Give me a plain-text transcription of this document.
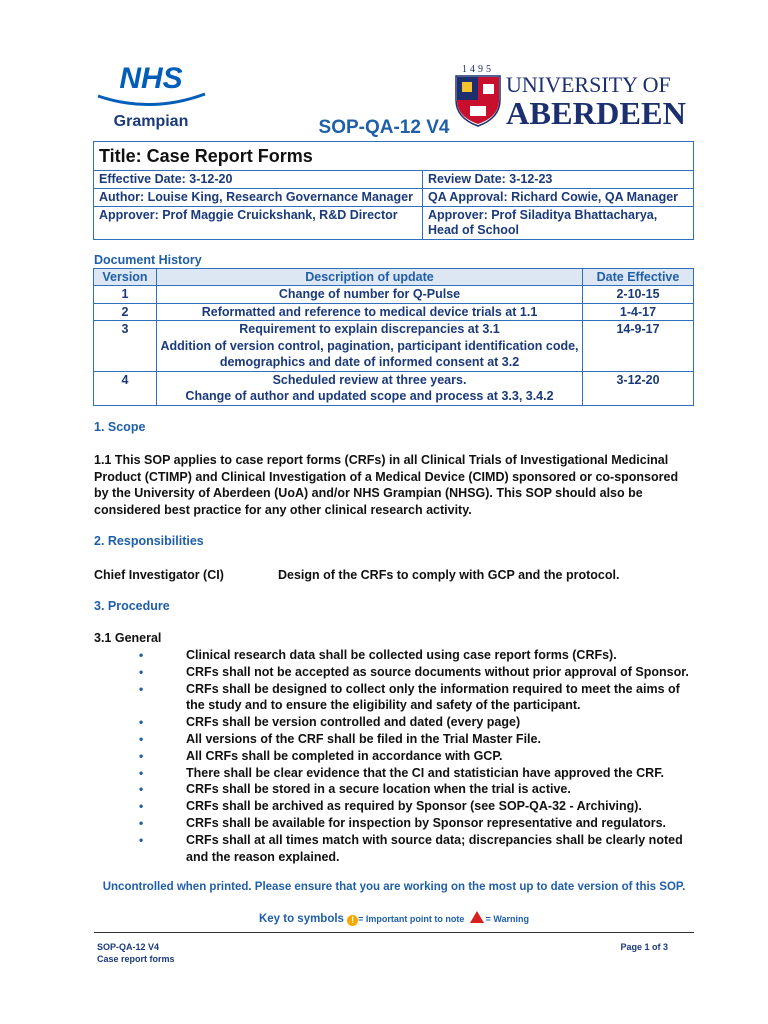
NHS
Grampian
1495
UNIVERSITY OF
ABERDEEN
SOP-QA-12 V4
Title: Case Report Forms	
Effective Date: 3-12-20	Review Date: 3-12-23
Author: Louise King, Research Governance Manager	QA Approval: Richard Cowie, QA Manager
Approver: Prof Maggie Cruickshank, R&D Director	Approver: Prof Siladitya Bhattacharya, Head of School
Document History
Version	Description of update	Date Effective
1	Change of number for Q-Pulse	2-10-15
2	Reformatted and reference to medical device trials at 1.1	1-4-17
3	Requirement to explain discrepancies at 3.1
Addition of version control, pagination, participant identification code,
demographics and date of informed consent at 3.2	14-9-17
4	Scheduled review at three years.
Change of author and updated scope and process at 3.3, 3.4.2	3-12-20
1. Scope
1.1 This SOP applies to case report forms (CRFs) in all Clinical Trials of Investigational Medicinal Product (CTIMP) and Clinical Investigation of a Medical Device (CIMD) sponsored or co-sponsored by the University of Aberdeen (UoA) and/or NHS Grampian (NHSG). This SOP should also be considered best practice for any other clinical research activity.
2. Responsibilities
Chief Investigator (CI)	Design of the CRFs to comply with GCP and the protocol.
3. Procedure
3.1 General
•	Clinical research data shall be collected using case report forms (CRFs).
•	CRFs shall not be accepted as source documents without prior approval of Sponsor.
•	CRFs shall be designed to collect only the information required to meet the aims of the study and to ensure the eligibility and safety of the participant.
•	CRFs shall be version controlled and dated (every page)
•	All versions of the CRF shall be filed in the Trial Master File.
•	All CRFs shall be completed in accordance with GCP.
•	There shall be clear evidence that the CI and statistician have approved the CRF.
•	CRFs shall be stored in a secure location when the trial is active.
•	CRFs shall be archived as required by Sponsor (see SOP-QA-32 - Archiving).
•	CRFs shall be available for inspection by Sponsor representative and regulators.
•	CRFs shall at all times match with source data; discrepancies shall be clearly noted and the reason explained.
Uncontrolled when printed. Please ensure that you are working on the most up to date version of this SOP.
Key to symbols ! = Important point to note = Warning
SOP-QA-12 V4
Case report forms
Page 1 of 3
